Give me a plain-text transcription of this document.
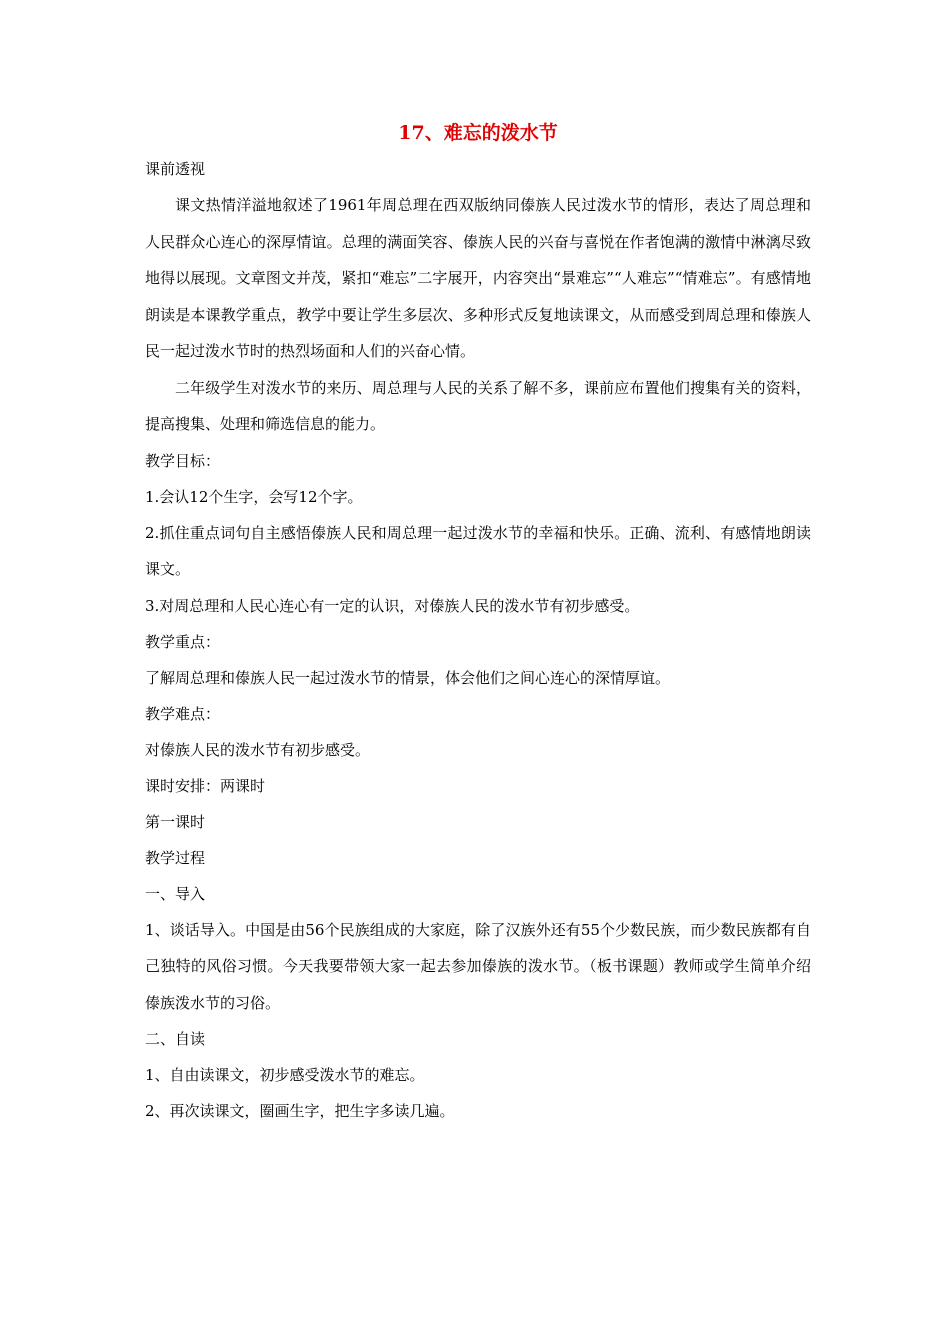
17、难忘的泼水节

课前透视

课文热情洋溢地叙述了1961年周总理在西双版纳同傣族人民过泼水节的情形，表达了周总理和人民群众心连心的深厚情谊。总理的满面笑容、傣族人民的兴奋与喜悦在作者饱满的激情中淋漓尽致地得以展现。文章图文并茂，紧扣“难忘”二字展开，内容突出“景难忘”“人难忘”“情难忘”。有感情地朗读是本课教学重点，教学中要让学生多层次、多种形式反复地读课文，从而感受到周总理和傣族人民一起过泼水节时的热烈场面和人们的兴奋心情。

二年级学生对泼水节的来历、周总理与人民的关系了解不多，课前应布置他们搜集有关的资料，提高搜集、处理和筛选信息的能力。

教学目标：

1.会认12个生字，会写12个字。

2.抓住重点词句自主感悟傣族人民和周总理一起过泼水节的幸福和快乐。正确、流利、有感情地朗读课文。

3.对周总理和人民心连心有一定的认识，对傣族人民的泼水节有初步感受。

教学重点：

了解周总理和傣族人民一起过泼水节的情景，体会他们之间心连心的深情厚谊。

教学难点：

对傣族人民的泼水节有初步感受。

课时安排：两课时

第一课时

教学过程

一、导入

1、谈话导入。中国是由56个民族组成的大家庭，除了汉族外还有55个少数民族，而少数民族都有自己独特的风俗习惯。今天我要带领大家一起去参加傣族的泼水节。（板书课题）教师或学生简单介绍傣族泼水节的习俗。

二、自读

1、自由读课文，初步感受泼水节的难忘。

2、再次读课文，圈画生字，把生字多读几遍。
